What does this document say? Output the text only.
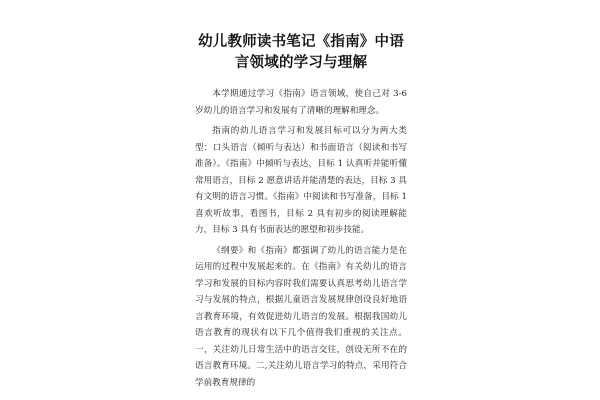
幼儿教师读书笔记《指南》中语言领域的学习与理解

本学期通过学习《指南》语言领域，使自己对 3-6 岁幼儿的语言学习和发展有了清晰的理解和理念。

指南的幼儿语言学习和发展目标可以分为两大类型：口头语言（倾听与表达）和书面语言（阅读和书写准备）。《指南》中倾听与表达，目标 1 认真听并能听懂常用语言，目标 2 愿意讲话并能清楚的表达，目标 3 具有文明的语言习惯。《指南》中阅读和书写准备，目标 1 喜欢听故事，看图书，目标 2 具有初步的阅读理解能力，目标 3 具有书面表达的愿望和初步技能。

《纲要》和《指南》都强调了幼儿的语言能力是在运用的过程中发展起来的。在《指南》有关幼儿的语言学习和发展的目标内容时我们需要认真思考幼儿语言学习与发展的特点，根据儿童语言发展规律创设良好地语言教育环境，有效促进幼儿语言的发展。根据我国幼儿语言教育的现状有以下几个值得我们重视的关注点。一，关注幼儿日常生活中的语言交往，创设无所不在的语言教育环境。二,关注幼儿语言学习的特点，采用符合学前教育规律的
